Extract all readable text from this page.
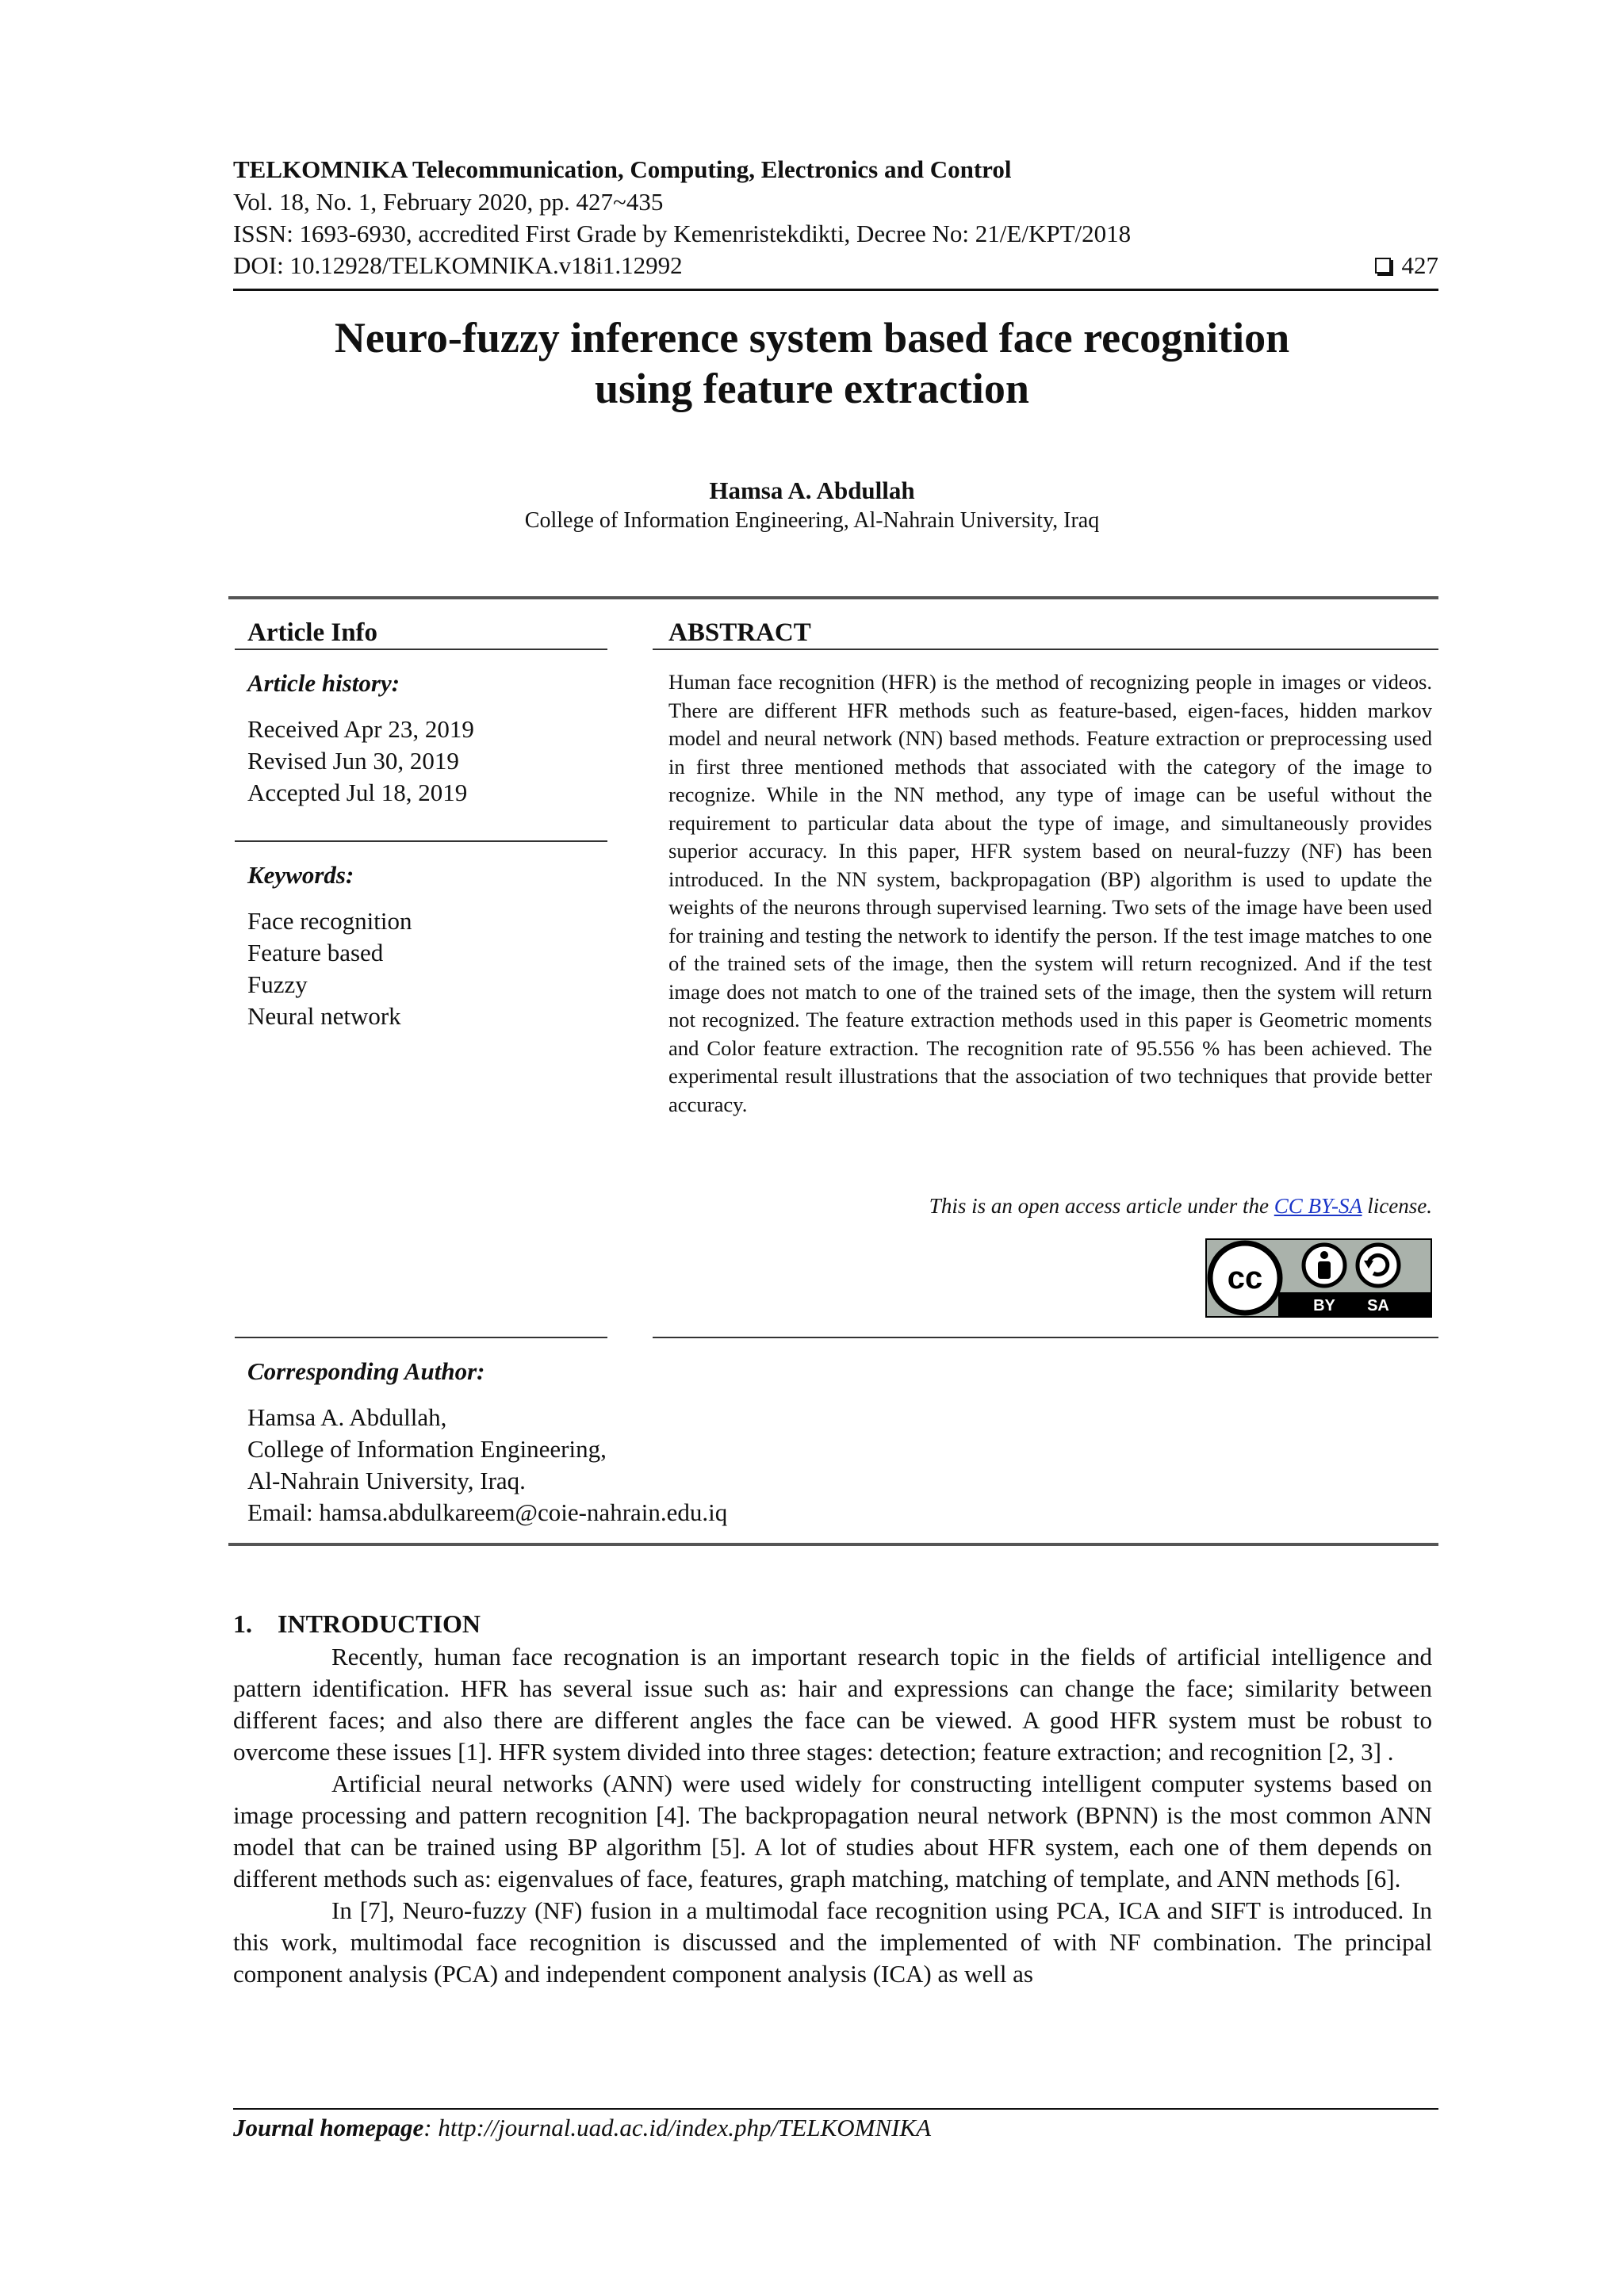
TELKOMNIKA Telecommunication, Computing, Electronics and Control
Vol. 18, No. 1, February 2020, pp. 427~435
ISSN: 1693-6930, accredited First Grade by Kemenristekdikti, Decree No: 21/E/KPT/2018
DOI: 10.12928/TELKOMNIKA.v18i1.12992	427
Neuro-fuzzy inference system based face recognition
using feature extraction
Hamsa A. Abdullah
College of Information Engineering, Al-Nahrain University, Iraq
Article Info
Article history:
Received Apr 23, 2019
Revised Jun 30, 2019
Accepted Jul 18, 2019
Keywords:
Face recognition
Feature based
Fuzzy
Neural network
ABSTRACT
Human face recognition (HFR) is the method of recognizing people in images or videos. There are different HFR methods such as feature-based, eigen-faces, hidden markov model and neural network (NN) based methods. Feature extraction or preprocessing used in first three mentioned methods that associated with the category of the image to recognize. While in the NN method, any type of image can be useful without the requirement to particular data about the type of image, and simultaneously provides superior accuracy. In this paper, HFR system based on neural-fuzzy (NF) has been introduced. In the NN system, backpropagation (BP) algorithm is used to update the weights of the neurons through supervised learning. Two sets of the image have been used for training and testing the network to identify the person. If the test image matches to one of the trained sets of the image, then the system will return recognized. And if the test image does not match to one of the trained sets of the image, then the system will return not recognized. The feature extraction methods used in this paper is Geometric moments and Color feature extraction. The recognition rate of 95.556 % has been achieved. The experimental result illustrations that the association of two techniques that provide better accuracy.
This is an open access article under the CC BY-SA license.
cc
BY SA
Corresponding Author:
Hamsa A. Abdullah,
College of Information Engineering,
Al-Nahrain University, Iraq.
Email: hamsa.abdulkareem@coie-nahrain.edu.iq
1.    INTRODUCTION

Recently, human face recognation is an important research topic in the fields of artificial intelligence and pattern identification. HFR has several issue such as: hair and expressions can change the face; similarity between different faces; and also there are different angles the face can be viewed. A good HFR system must be robust to overcome these issues [1]. HFR system divided into three stages: detection; feature extraction; and recognition [2, 3] .

Artificial neural networks (ANN) were used widely for constructing intelligent computer systems based on image processing and pattern recognition [4]. The backpropagation neural network (BPNN) is the most common ANN model that can be trained using BP algorithm [5]. A lot of studies about HFR system, each one of them depends on different methods such as: eigenvalues of face, features, graph matching, matching of template, and ANN methods [6].

In [7], Neuro-fuzzy (NF) fusion in a multimodal face recognition using PCA, ICA and SIFT is introduced. In this work, multimodal face recognition is discussed and the implemented of with NF combination. The principal component analysis (PCA) and independent component analysis (ICA) as well as

Journal homepage: http://journal.uad.ac.id/index.php/TELKOMNIKA
